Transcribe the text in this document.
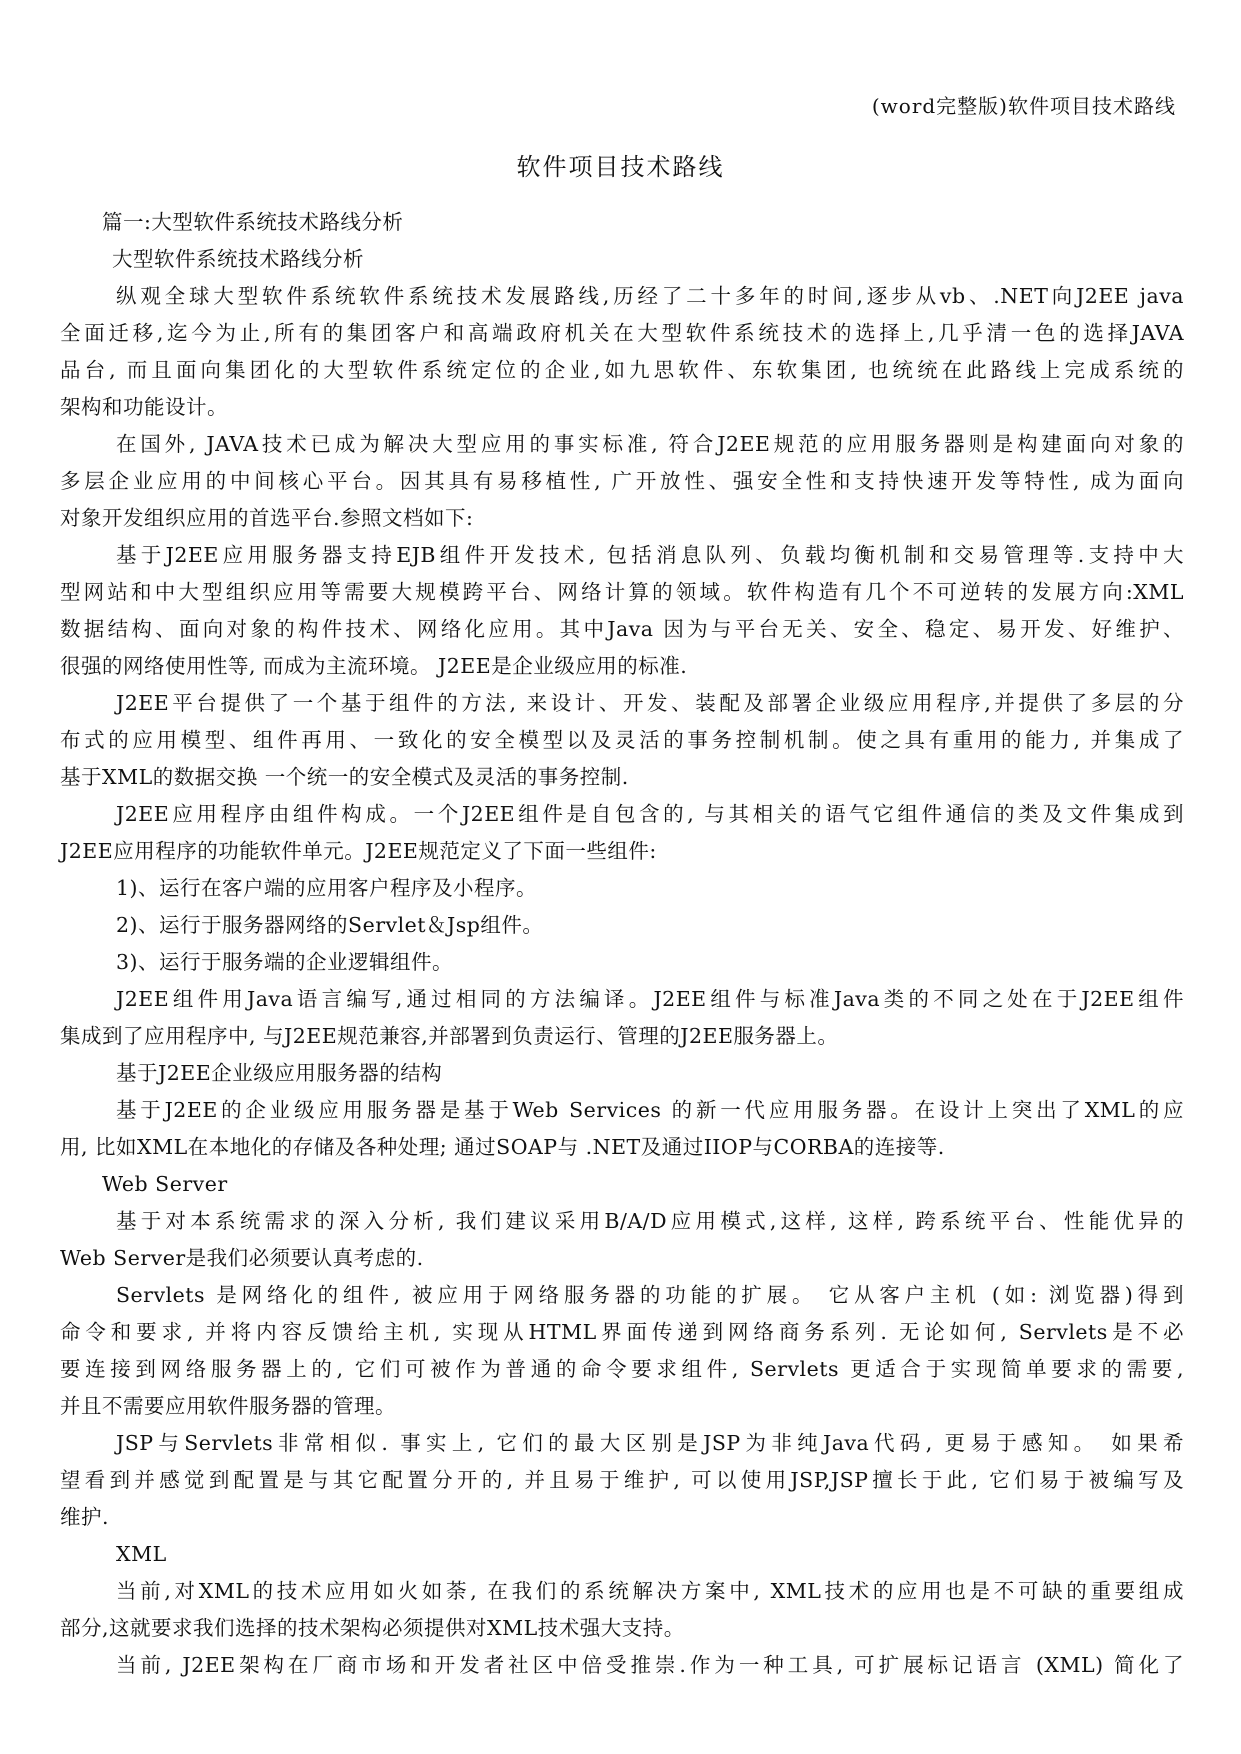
(word完整版)软件项目技术路线
软件项目技术路线
篇一:大型软件系统技术路线分析
大型软件系统技术路线分析
纵观全球大型软件系统软件系统技术发展路线,历经了二十多年的时间,逐步从vb、.NET向J2EE java
全面迁移,迄今为止,所有的集团客户和高端政府机关在大型软件系统技术的选择上,几乎清一色的选择JAVA
品台, 而且面向集团化的大型软件系统定位的企业,如九思软件、东软集团, 也统统在此路线上完成系统的
架构和功能设计。
在国外, JAVA技术已成为解决大型应用的事实标准, 符合J2EE规范的应用服务器则是构建面向对象的
多层企业应用的中间核心平台。因其具有易移植性, 广开放性、强安全性和支持快速开发等特性, 成为面向
对象开发组织应用的首选平台.参照文档如下:
基于J2EE应用服务器支持EJB组件开发技术, 包括消息队列、负载均衡机制和交易管理等.支持中大
型网站和中大型组织应用等需要大规模跨平台、网络计算的领域。软件构造有几个不可逆转的发展方向:XML
数据结构、面向对象的构件技术、网络化应用。其中Java 因为与平台无关、安全、稳定、易开发、好维护、
很强的网络使用性等, 而成为主流环境。 J2EE是企业级应用的标准.
J2EE平台提供了一个基于组件的方法, 来设计、开发、装配及部署企业级应用程序,并提供了多层的分
布式的应用模型、组件再用、一致化的安全模型以及灵活的事务控制机制。使之具有重用的能力, 并集成了
基于XML的数据交换 一个统一的安全模式及灵活的事务控制.
J2EE应用程序由组件构成。一个J2EE组件是自包含的, 与其相关的语气它组件通信的类及文件集成到
J2EE应用程序的功能软件单元。J2EE规范定义了下面一些组件:
1)、运行在客户端的应用客户程序及小程序。
2)、运行于服务器网络的Servlet＆Jsp组件。
3)、运行于服务端的企业逻辑组件。
J2EE组件用Java语言编写,通过相同的方法编译。J2EE组件与标准Java类的不同之处在于J2EE组件
集成到了应用程序中, 与J2EE规范兼容,并部署到负责运行、管理的J2EE服务器上。
基于J2EE企业级应用服务器的结构
基于J2EE的企业级应用服务器是基于Web Services 的新一代应用服务器。在设计上突出了XML的应
用, 比如XML在本地化的存储及各种处理; 通过SOAP与 .NET及通过IIOP与CORBA的连接等.
Web Server
基于对本系统需求的深入分析, 我们建议采用B/A/D应用模式,这样, 这样, 跨系统平台、性能优异的
Web Server是我们必须要认真考虑的.
Servlets 是网络化的组件, 被应用于网络服务器的功能的扩展。 它从客户主机 (如: 浏览器)得到
命令和要求, 并将内容反馈给主机, 实现从HTML界面传递到网络商务系列. 无论如何, Servlets是不必
要连接到网络服务器上的, 它们可被作为普通的命令要求组件, Servlets 更适合于实现简单要求的需要,
并且不需要应用软件服务器的管理。
JSP与Servlets非常相似. 事实上, 它们的最大区别是JSP为非纯Java代码, 更易于感知。 如果希
望看到并感觉到配置是与其它配置分开的, 并且易于维护, 可以使用JSP,JSP擅长于此, 它们易于被编写及
维护.
XML
当前,对XML的技术应用如火如荼, 在我们的系统解决方案中, XML技术的应用也是不可缺的重要组成
部分,这就要求我们选择的技术架构必须提供对XML技术强大支持。
当前, J2EE架构在厂商市场和开发者社区中倍受推崇.作为一种工具, 可扩展标记语言 (XML) 简化了
